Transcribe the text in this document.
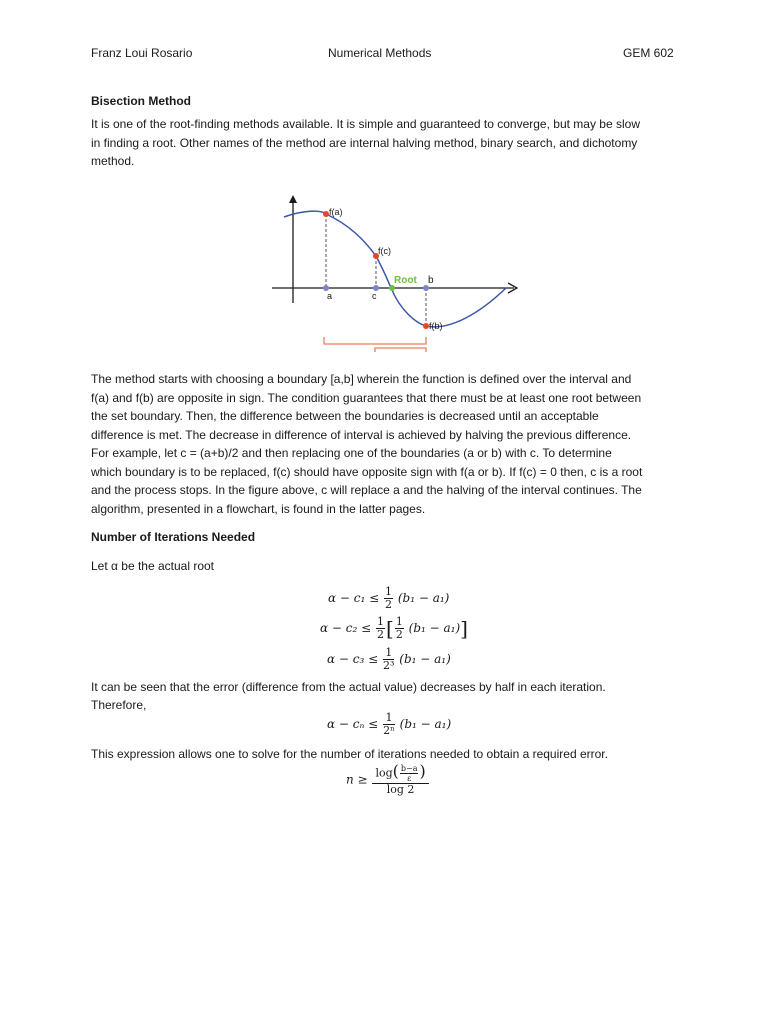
Franz Loui Rosario	Numerical Methods	GEM 602
Bisection Method
It is one of the root-finding methods available. It is simple and guaranteed to converge, but may be slow
in finding a root. Other names of the method are internal halving method, binary search, and dichotomy
method.
f(a)
f(c)
f(b)
Root b
a	c
The method starts with choosing a boundary [a,b] wherein the function is defined over the interval and
f(a) and f(b) are opposite in sign. The condition guarantees that there must be at least one root between
the set boundary. Then, the difference between the boundaries is decreased until an acceptable
difference is met. The decrease in difference of interval is achieved by halving the previous difference.
For example, let c = (a+b)/2 and then replacing one of the boundaries (a or b) with c. To determine
which boundary is to be replaced, f(c) should have opposite sign with f(a or b). If f(c) = 0 then, c is a root
and the process stops. In the figure above, c will replace a and the halving of the interval continues. The
algorithm, presented in a flowchart, is found in the latter pages.
Number of Iterations Needed
Let α be the actual root
$\alpha - c_1 \le \frac{1}{2} (b_1 - a_1)$
$\alpha - c_2 \le \frac{1}{2}$ [ $\frac{1}{2} (b_1 - a_1)$]
$\alpha - c_3 \le \frac{1}{\text{2³}} (b_1 - a_1)$
It can be seen that the error (difference from the actual value) decreases by half in each iteration.
Therefore,
$\alpha - c_n \le \frac{1}{\text{2ⁿ}} (b_1 - a_1)$
This expression allows one to solve for the number of iterations needed to obtain a required error.
$n \ge \frac{\log( \frac{b-a}{\varepsilon} )}{\log 2}$
